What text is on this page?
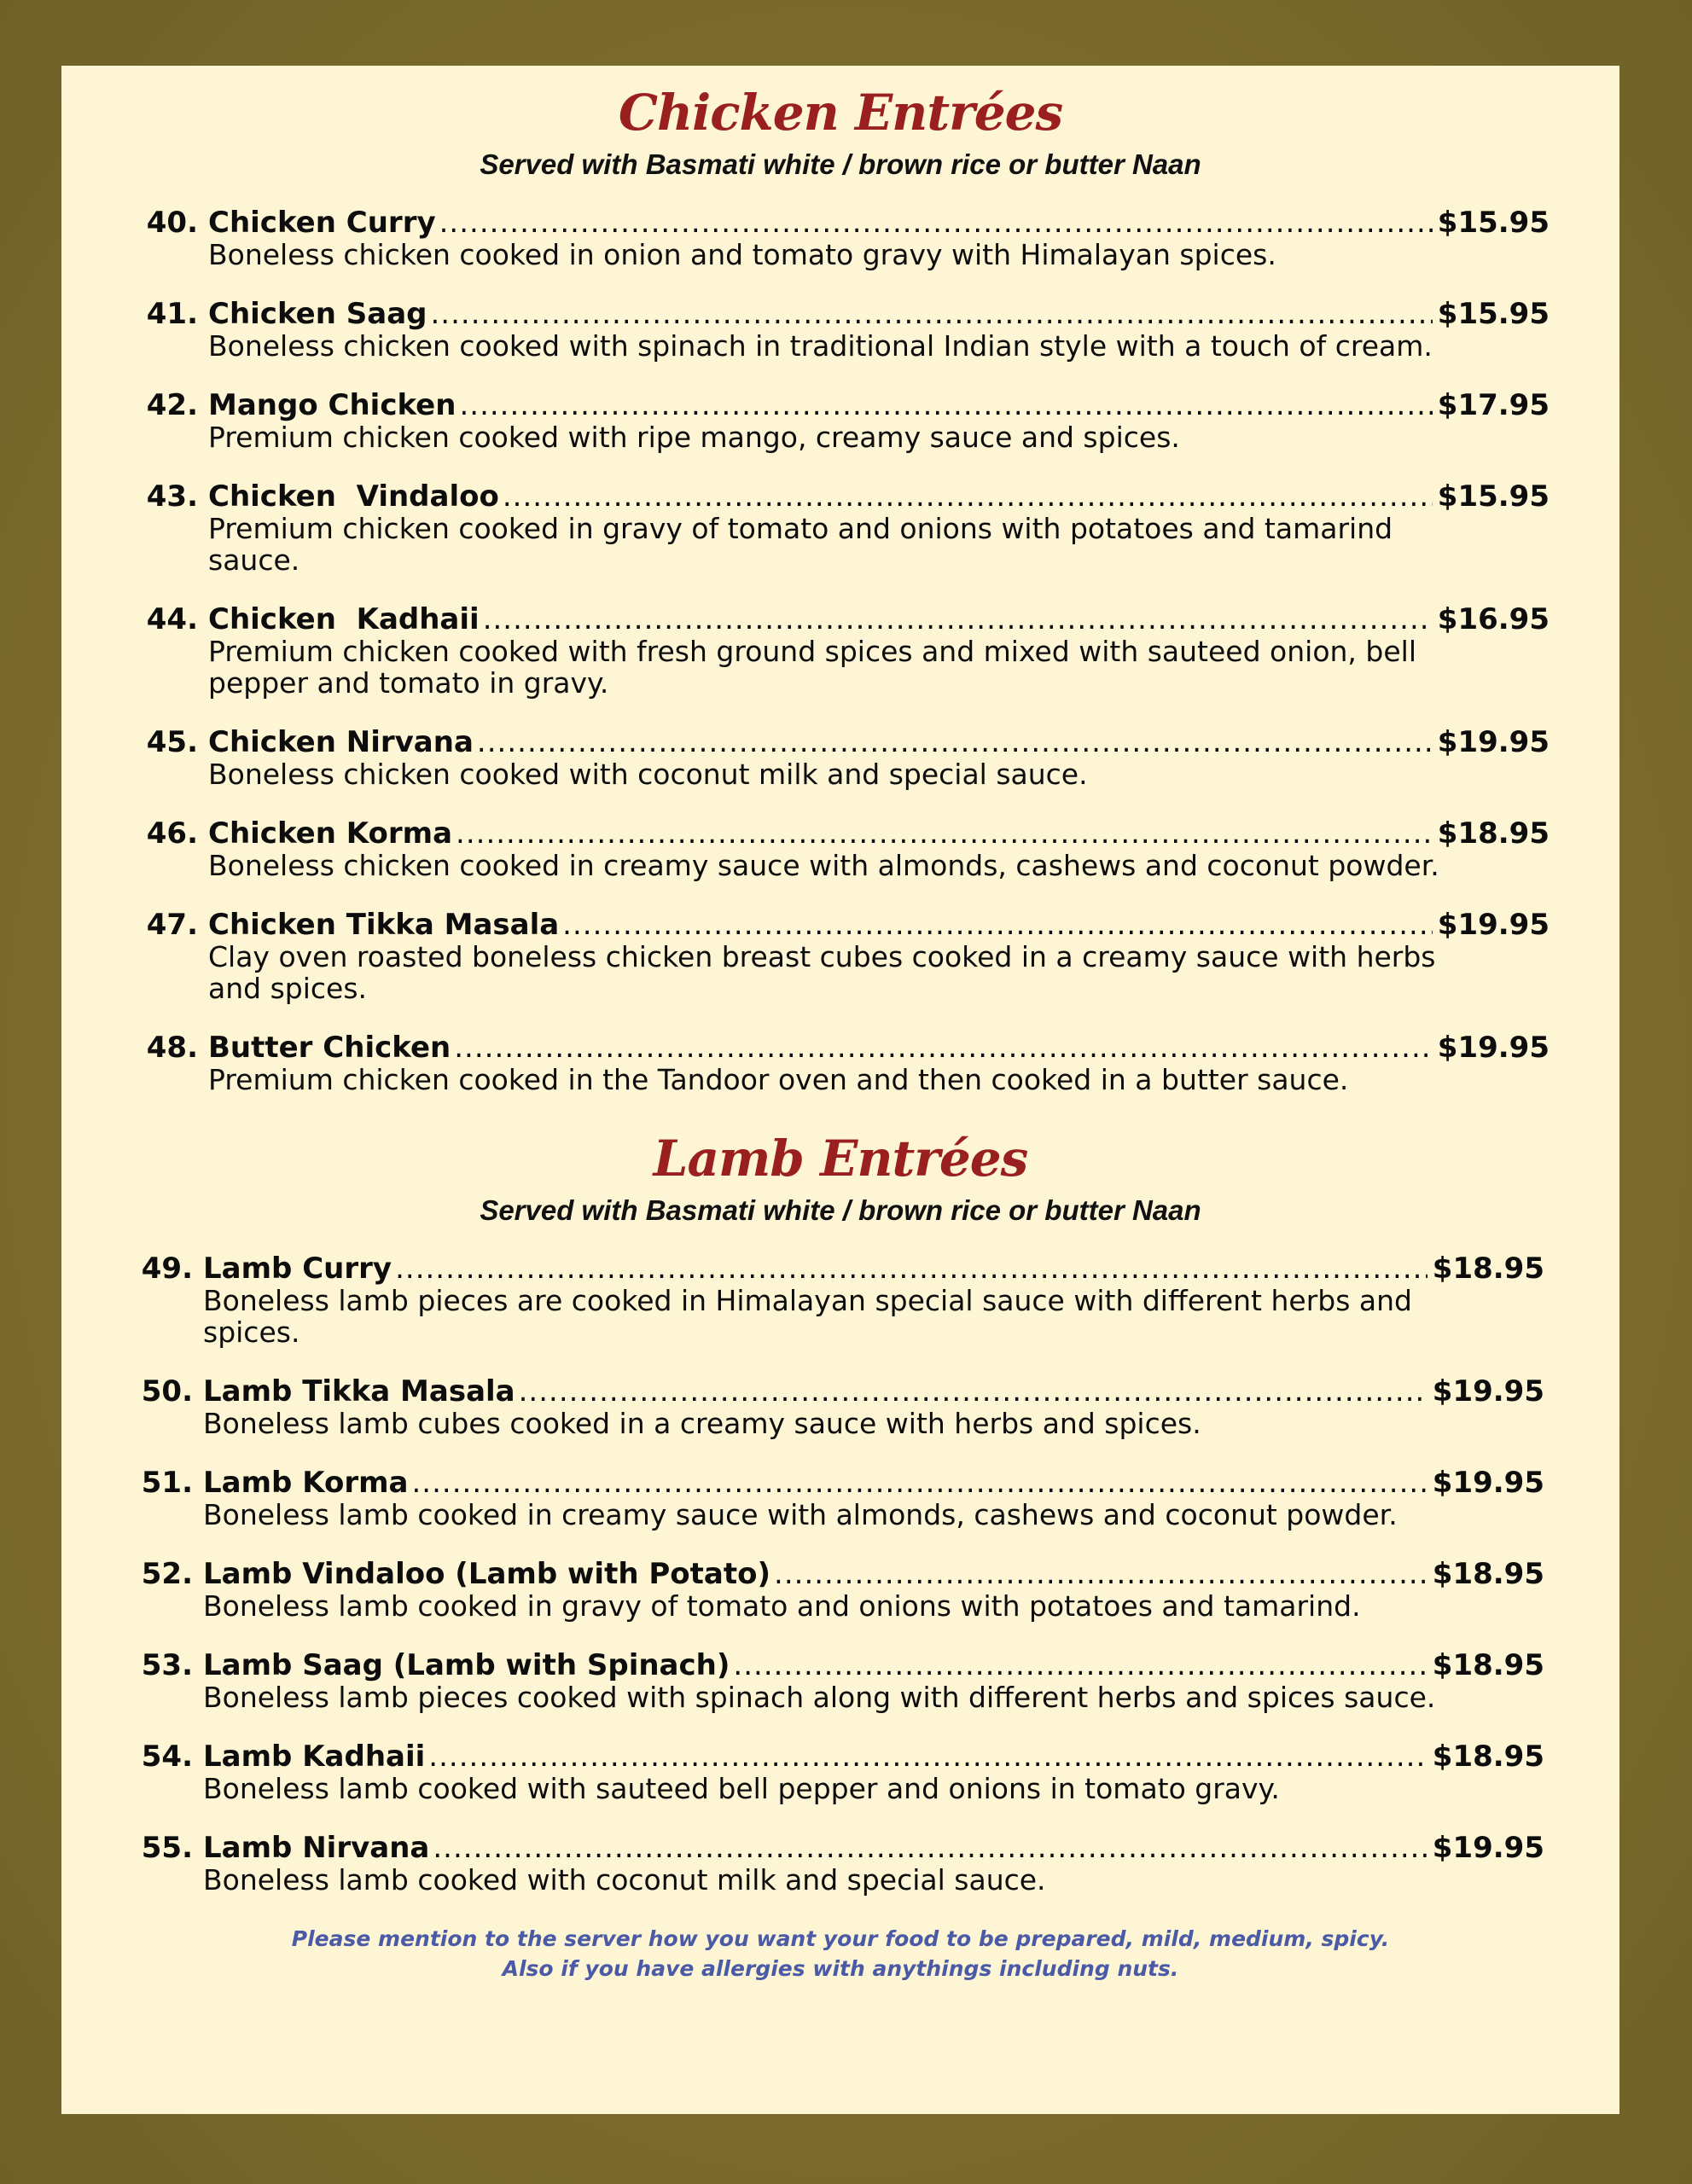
Chicken Entrées

Served with Basmati white / brown rice or butter Naan

40. Chicken Curry .....	$15.95
Boneless chicken cooked in onion and tomato gravy with Himalayan spices.
41. Chicken Saag .....	$15.95
Boneless chicken cooked with spinach in traditional Indian style with a touch of cream.
42. Mango Chicken .....	$17.95
Premium chicken cooked with ripe mango, creamy sauce and spices.
43. Chicken  Vindaloo .....	$15.95
Premium chicken cooked in gravy of tomato and onions with potatoes and tamarind sauce.
44. Chicken  Kadhaii .....	$16.95
Premium chicken cooked with fresh ground spices and mixed with sauteed onion, bell pepper and tomato in gravy.
45. Chicken Nirvana .....	$19.95
Boneless chicken cooked with coconut milk and special sauce.
46. Chicken Korma .....	$18.95
Boneless chicken cooked in creamy sauce with almonds, cashews and coconut powder.
47. Chicken Tikka Masala .....	$19.95
Clay oven roasted boneless chicken breast cubes cooked in a creamy sauce with herbs and spices.
48. Butter Chicken .....	$19.95
Premium chicken cooked in the Tandoor oven and then cooked in a butter sauce.
Lamb Entrées

Served with Basmati white / brown rice or butter Naan

49. Lamb Curry .....	$18.95
Boneless lamb pieces are cooked in Himalayan special sauce with different herbs and spices.
50. Lamb Tikka Masala .....	$19.95
Boneless lamb cubes cooked in a creamy sauce with herbs and spices.
51. Lamb Korma .....	$19.95
Boneless lamb cooked in creamy sauce with almonds, cashews and coconut powder.
52. Lamb Vindaloo (Lamb with Potato) .....	$18.95
Boneless lamb cooked in gravy of tomato and onions with potatoes and tamarind.
53. Lamb Saag (Lamb with Spinach) .....	$18.95
Boneless lamb pieces cooked with spinach along with different herbs and spices sauce.
54. Lamb Kadhaii .....	$18.95
Boneless lamb cooked with sauteed bell pepper and onions in tomato gravy.
55. Lamb Nirvana .....	$19.95
Boneless lamb cooked with coconut milk and special sauce.
Please mention to the server how you want your food to be prepared, mild, medium, spicy.
Also if you have allergies with anythings including nuts.
